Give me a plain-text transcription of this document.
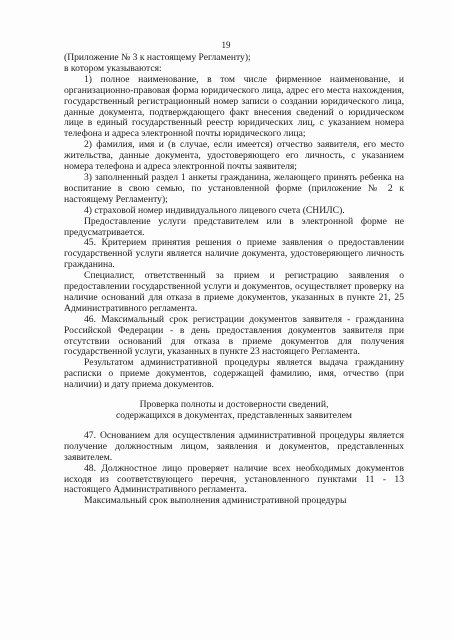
19

(Приложение № 3 к настоящему Регламенту);

в котором указываются:

1) полное наименование, в том числе фирменное наименование, и организационно-правовая форма юридического лица, адрес его места нахождения, государственный регистрационный номер записи о создании юридического лица, данные документа, подтверждающего факт внесения сведений о юридическом лице в единый государственный реестр юридических лиц, с указанием номера телефона и адреса электронной почты юридического лица;

2) фамилия, имя и (в случае, если имеется) отчество заявителя, его место жительства, данные документа, удостоверяющего его личность, с указанием номера телефона и адреса электронной почты заявителя;

3) заполненный раздел 1 анкеты гражданина, желающего принять ребенка на воспитание в свою семью, по установленной форме (приложение № 2 к настоящему Регламенту);

4) страховой номер индивидуального лицевого счета (СНИЛС).

Предоставление услуги представителем или в электронной форме не предусматривается.

45. Критерием принятия решения о приеме заявления о предоставлении государственной услуги является наличие документа, удостоверяющего личность гражданина.

Специалист, ответственный за прием и регистрацию заявления о предоставлении государственной услуги и документов, осуществляет проверку на наличие оснований для отказа в приеме документов, указанных в пункте 21, 25 Административного регламента.

46. Максимальный срок регистрации документов заявителя - гражданина Российской Федерации - в день предоставления документов заявителя при отсутствии оснований для отказа в приеме документов для получения государственной услуги, указанных в пункте 23 настоящего Регламента.

Результатом административной процедуры является выдача гражданину расписки о приеме документов, содержащей фамилию, имя, отчество (при наличии) и дату приема документов.

Проверка полноты и достоверности сведений,
содержащихся в документах, представленных заявителем

47. Основанием для осуществления административной процедуры является получение должностным лицом, заявления и документов, представленных заявителем.

48. Должностное лицо проверяет наличие всех необходимых документов исходя из соответствующего перечня, установленного пунктами 11 - 13 настоящего Административного регламента.

Максимальный срок выполнения административной процедуры
